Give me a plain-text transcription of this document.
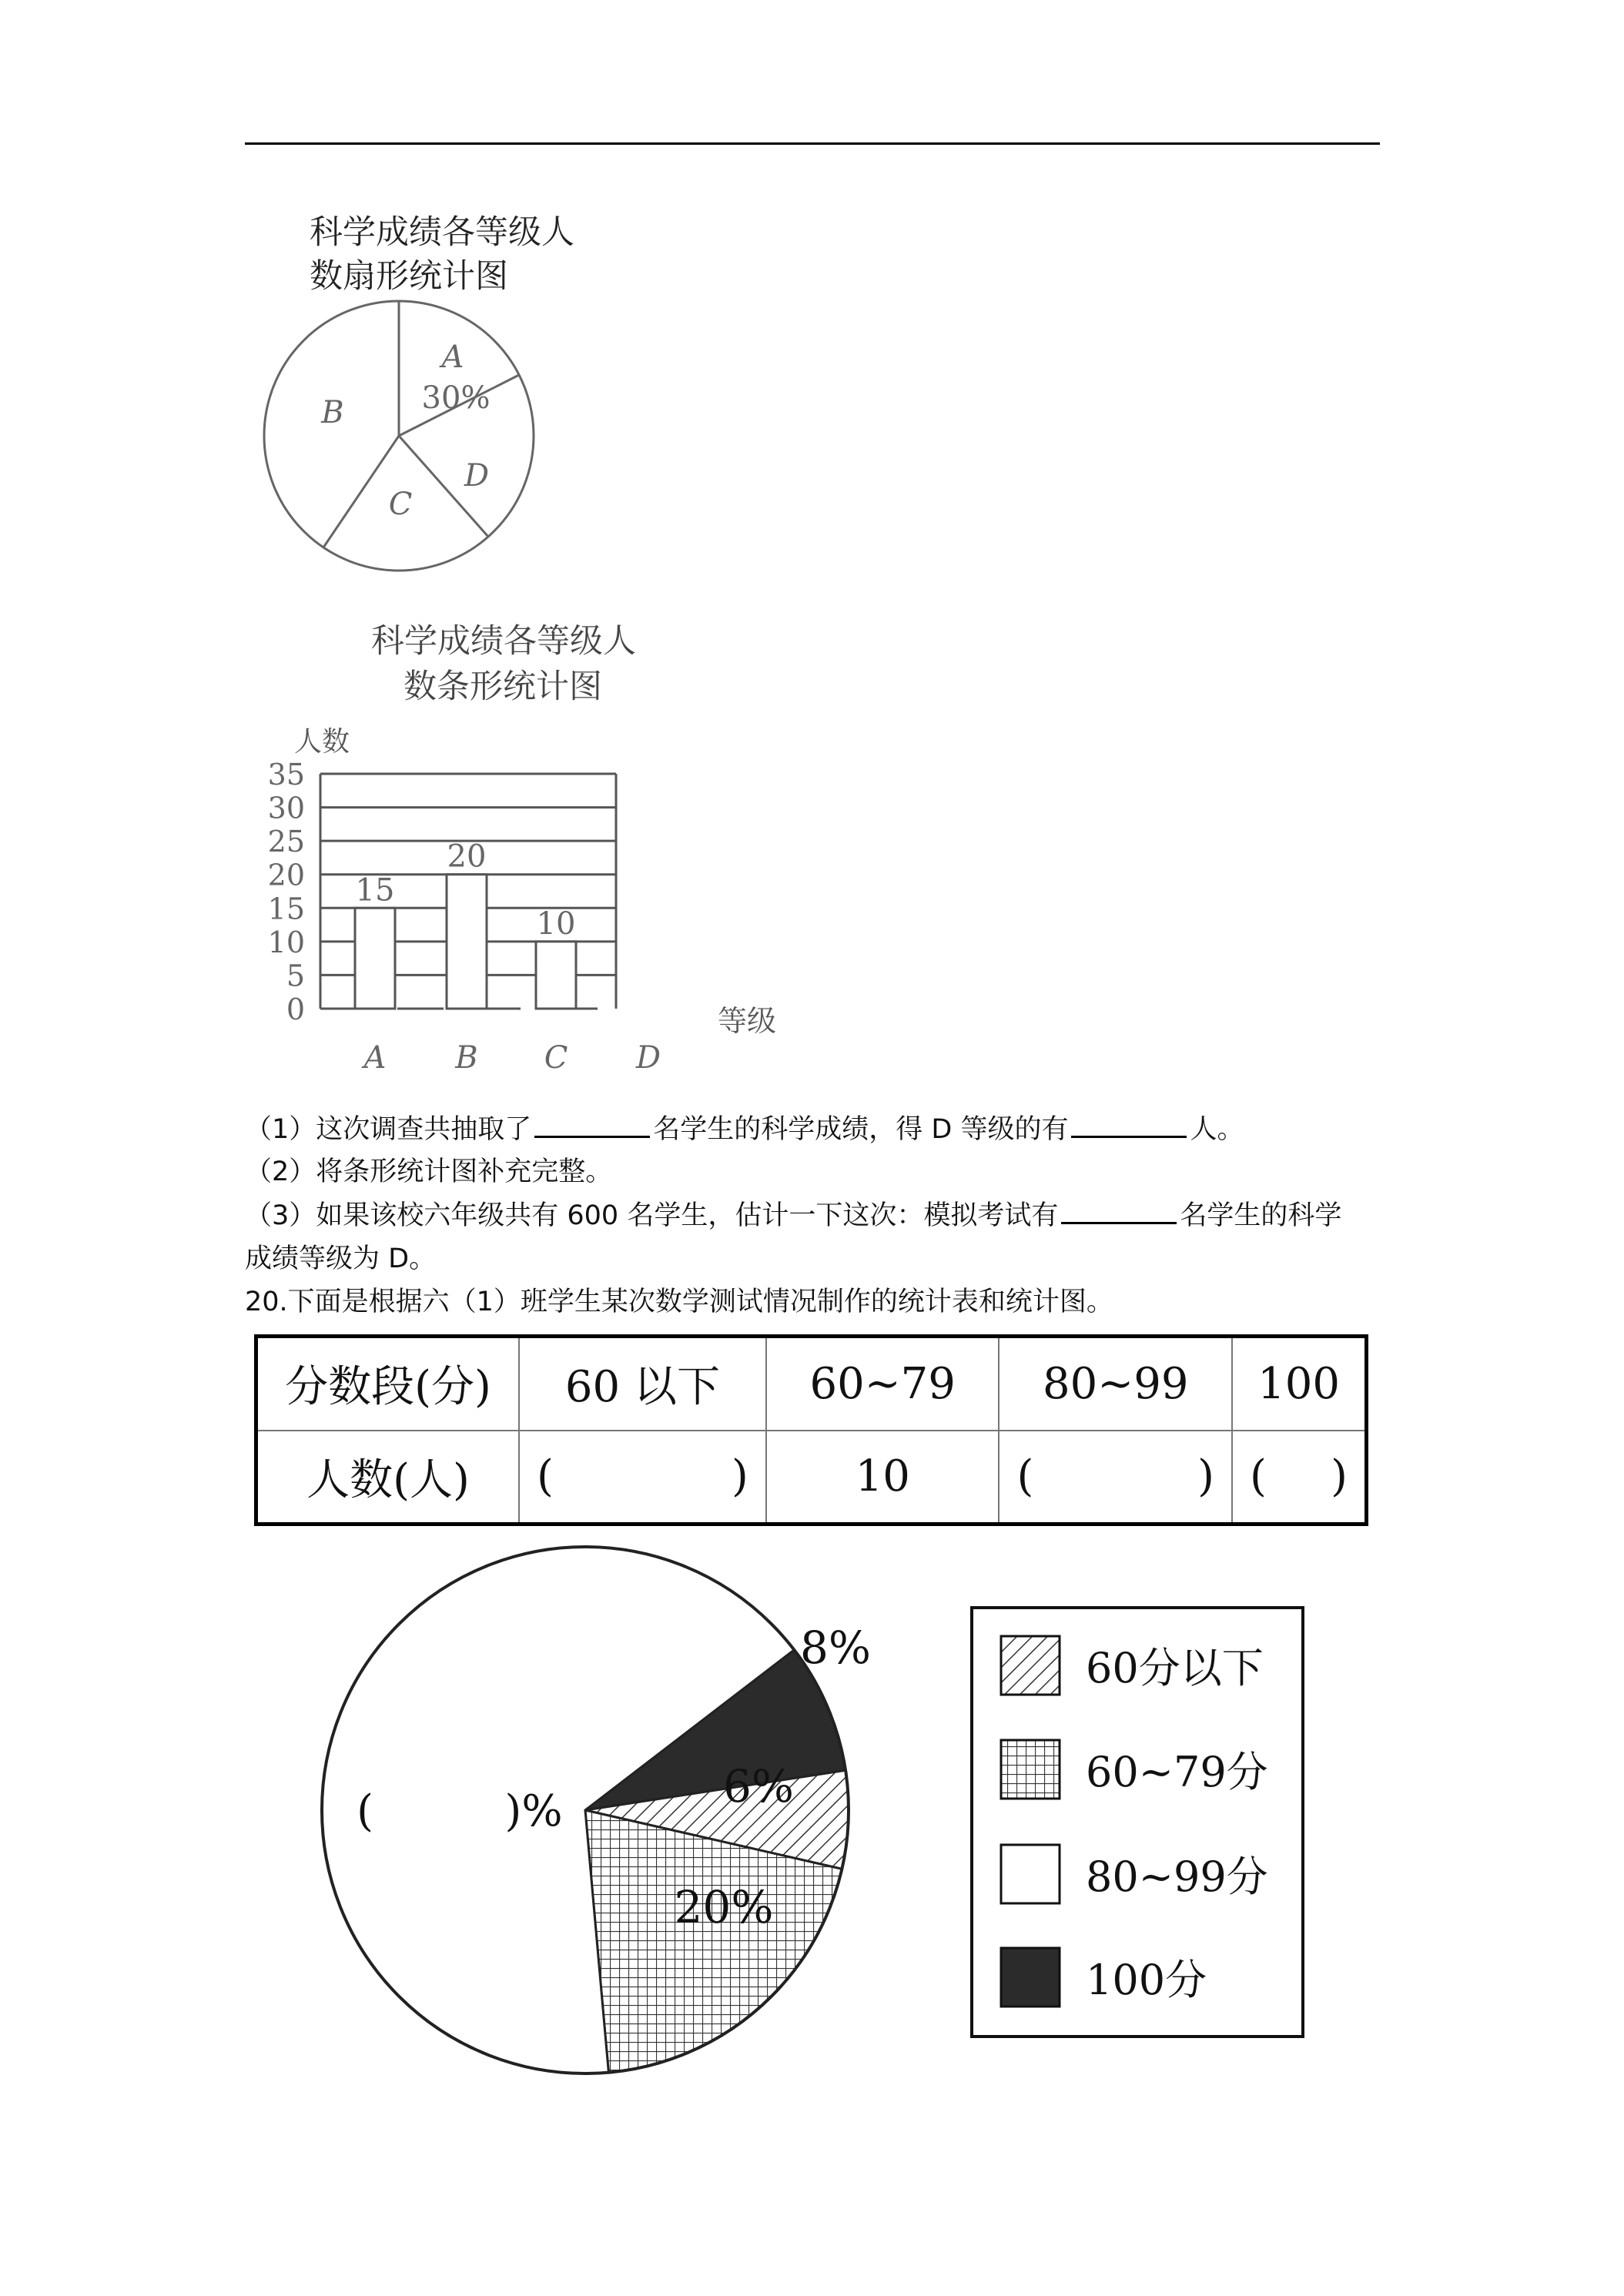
科学成绩各等级人
数扇形统计图
A
30%
B
C
D
科学成绩各等级人
数条形统计图
人数
等级
0
5
10
15
20
25
30
35
15
A
20
B
10
C D
（1）这次调查共抽取了	名学生的科学成绩，得 D 等级的有	人。
（2）将条形统计图补充完整。
（3）如果该校六年级共有 600 名学生，估计一下这次：模拟考试有	名学生的科学
成绩等级为 D。
20.下面是根据六（1）班学生某次数学测试情况制作的统计表和统计图。
分数段(分)	60 以下	60~79	80~99	100
人数(人)	( )	10	( )	( )
8%
6%
20%
(	)%
60分以下
60~79分
80~99分
100分
